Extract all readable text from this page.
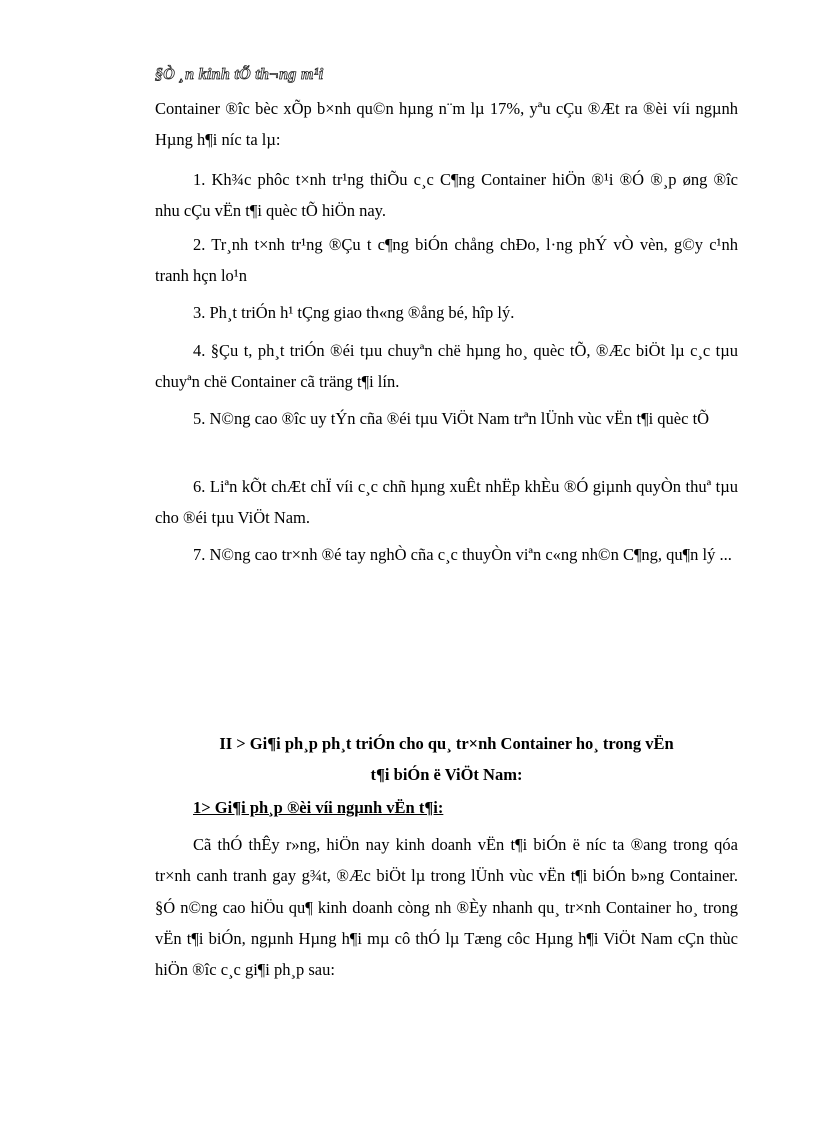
§Ò ¸n kinh tÕ th¬ng m¹i
Container ®îc bèc xÕp b×nh qu©n hµng n¨m lµ 17%, yªu cÇu ®Æt ra ®èi víi ngµnh Hµng h¶i níc ta lµ:
1. Kh¾c phôc t×nh tr¹ng thiÕu c¸c C¶ng Container hiÖn ®¹i ®Ó ®¸p øng ®îc nhu cÇu vËn t¶i quèc tÕ hiÖn nay.
2. Tr¸nh t×nh tr¹ng ®Çu t c¶ng biÓn chång chÐo, l·ng phÝ vÒ vèn, g©y c¹nh tranh hçn lo¹n
3. Ph¸t triÓn h¹ tÇng giao th«ng ®ång bé, hîp lý.
4. §Çu t, ph¸t triÓn ®éi tµu chuyªn chë hµng ho¸ quèc tÕ, ®Æc biÖt lµ c¸c tµu chuyªn chë Container cã träng t¶i lín.
5. N©ng cao ®îc uy tÝn cña ®éi tµu ViÖt Nam trªn lÜnh vùc vËn t¶i quèc tÕ
6. Liªn kÕt chÆt chÏ víi c¸c chñ hµng xuÊt nhËp khÈu ®Ó giµnh quyÒn thuª tµu cho ®éi tµu ViÖt Nam.
7. N©ng cao tr×nh ®é tay nghÒ cña c¸c thuyÒn viªn c«ng nh©n C¶ng, qu¶n lý ...
II > Gi¶i ph¸p ph¸t triÓn cho qu¸ tr×nh Container ho¸ trong vËn
t¶i biÓn ë ViÖt Nam:
1> Gi¶i ph¸p ®èi víi ngµnh vËn t¶i:
Cã thÓ thÊy r»ng, hiÖn nay kinh doanh vËn t¶i biÓn ë níc ta ®ang trong qóa tr×nh canh tranh gay g¾t, ®Æc biÖt lµ trong lÜnh vùc vËn t¶i biÓn b»ng Container. §Ó n©ng cao hiÖu qu¶ kinh doanh còng nh ®Èy nhanh qu¸ tr×nh Container ho¸ trong vËn t¶i biÓn, ngµnh Hµng h¶i mµ cô thÓ lµ Tæng côc Hµng h¶i ViÖt Nam cÇn thùc hiÖn ®îc c¸c gi¶i ph¸p sau:
